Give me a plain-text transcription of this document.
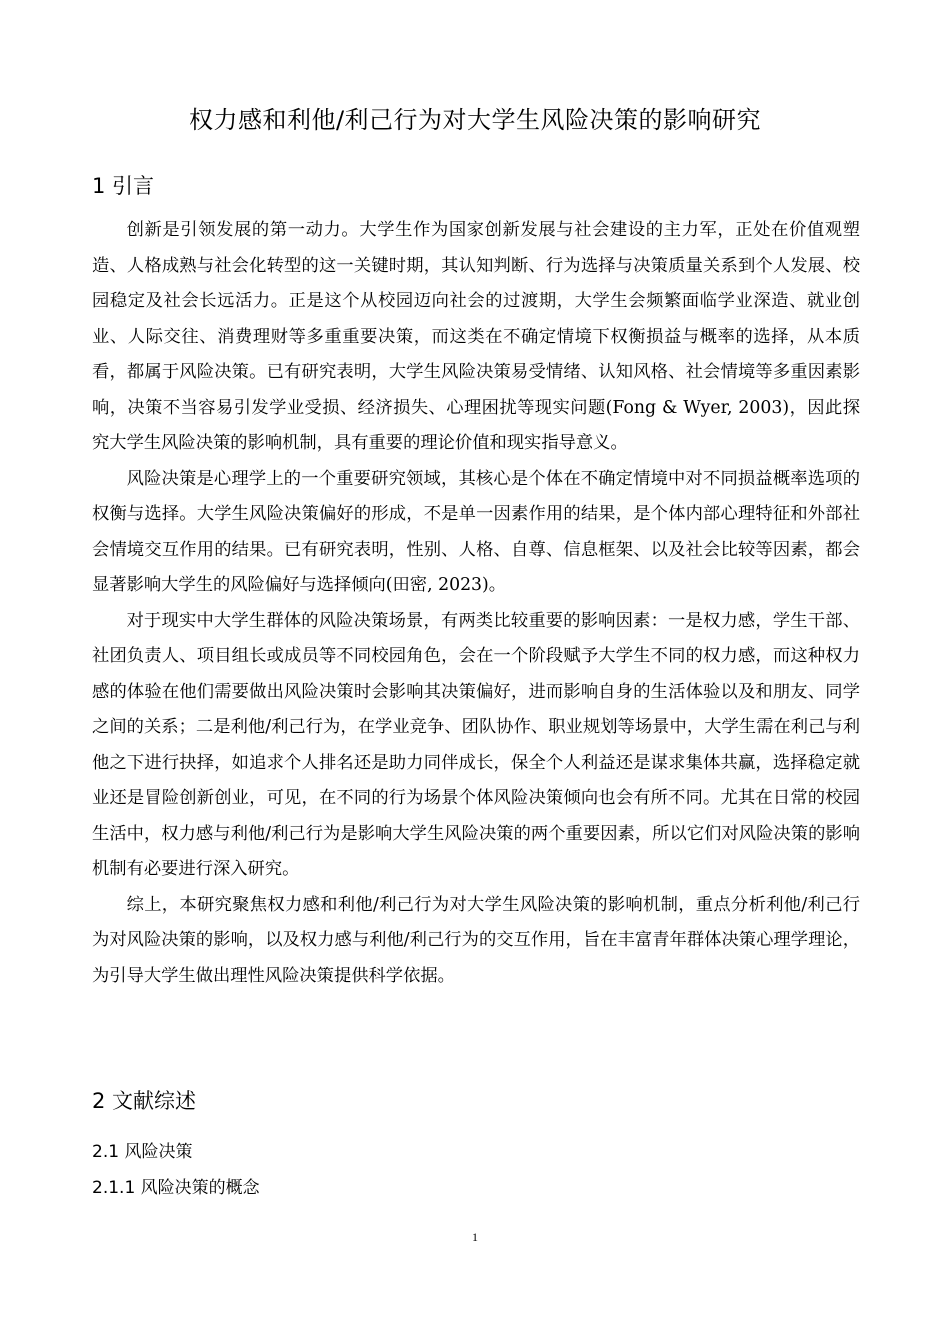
权力感和利他/利己行为对大学生风险决策的影响研究
1 引言

创新是引领发展的第一动力。大学生作为国家创新发展与社会建设的主力军，正处在价值观塑造、人格成熟与社会化转型的这一关键时期，其认知判断、行为选择与决策质量关系到个人发展、校园稳定及社会长远活力。正是这个从校园迈向社会的过渡期，大学生会频繁面临学业深造、就业创业、人际交往、消费理财等多重重要决策，而这类在不确定情境下权衡损益与概率的选择，从本质看，都属于风险决策。已有研究表明，大学生风险决策易受情绪、认知风格、社会情境等多重因素影响，决策不当容易引发学业受损、经济损失、心理困扰等现实问题(Fong & Wyer, 2003)，因此探究大学生风险决策的影响机制，具有重要的理论价值和现实指导意义。

风险决策是心理学上的一个重要研究领域，其核心是个体在不确定情境中对不同损益概率选项的权衡与选择。大学生风险决策偏好的形成，不是单一因素作用的结果，是个体内部心理特征和外部社会情境交互作用的结果。已有研究表明，性别、人格、自尊、信息框架、以及社会比较等因素，都会显著影响大学生的风险偏好与选择倾向(田密, 2023)。

对于现实中大学生群体的风险决策场景，有两类比较重要的影响因素：一是权力感，学生干部、社团负责人、项目组长或成员等不同校园角色，会在一个阶段赋予大学生不同的权力感，而这种权力感的体验在他们需要做出风险决策时会影响其决策偏好，进而影响自身的生活体验以及和朋友、同学之间的关系；二是利他/利己行为，在学业竞争、团队协作、职业规划等场景中，大学生需在利己与利他之下进行抉择，如追求个人排名还是助力同伴成长，保全个人利益还是谋求集体共赢，选择稳定就业还是冒险创新创业，可见，在不同的行为场景个体风险决策倾向也会有所不同。尤其在日常的校园生活中，权力感与利他/利己行为是影响大学生风险决策的两个重要因素，所以它们对风险决策的影响机制有必要进行深入研究。

综上，本研究聚焦权力感和利他/利己行为对大学生风险决策的影响机制，重点分析利他/利己行为对风险决策的影响，以及权力感与利他/利己行为的交互作用，旨在丰富青年群体决策心理学理论，为引导大学生做出理性风险决策提供科学依据。

2 文献综述
2.1 风险决策
2.1.1 风险决策的概念
1
